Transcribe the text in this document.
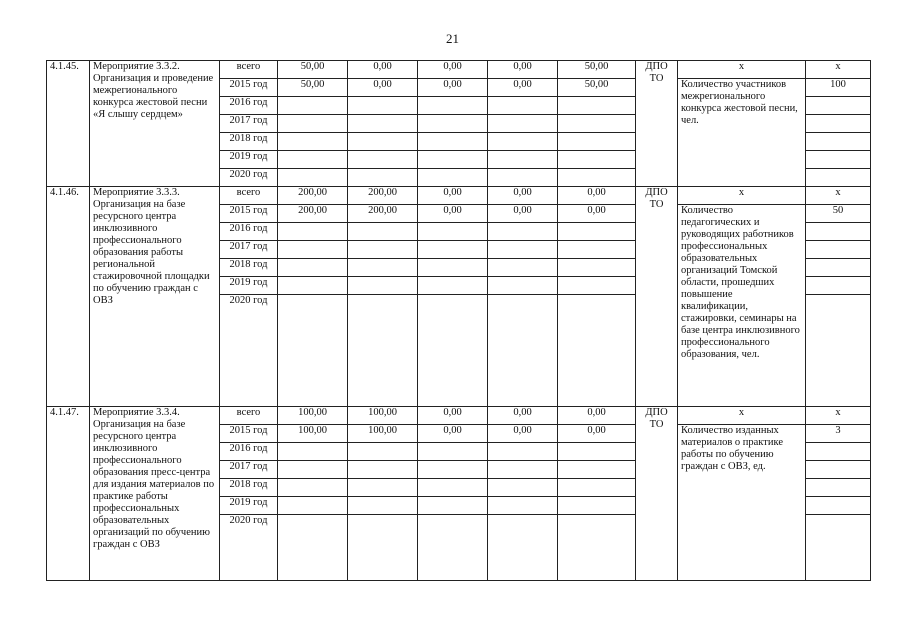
21
4.1.45.	Мероприятие 3.3.2. Организация и проведение межрегионального конкурса жестовой песни «Я слышу сердцем»	всего	50,00	0,00	0,00	0,00	50,00	ДПО ТО	х	х
		2015 год	50,00	0,00	0,00	0,00	50,00		Количество участников межрегионального конкурса жестовой песни, чел.	100
		2016 год								
		2017 год								
		2018 год								
		2019 год								
		2020 год								
4.1.46.	Мероприятие 3.3.3. Организация на базе ресурсного центра инклюзивного профессионального образования работы региональной стажировочной площадки по обучению граждан с ОВЗ	всего	200,00	200,00	0,00	0,00	0,00	ДПО ТО	х	х
		2015 год	200,00	200,00	0,00	0,00	0,00		Количество педагогических и руководящих работников профессиональных образовательных организаций Томской области, прошедших повышение квалификации, стажировки, семинары на базе центра инклюзивного профессионального образования, чел.	50
		2016 год								
		2017 год								
		2018 год								
		2019 год								
		2020 год								
4.1.47.	Мероприятие 3.3.4. Организация на базе ресурсного центра инклюзивного профессионального образования пресс-центра для издания материалов по практике работы профессиональных образовательных организаций по обучению граждан с ОВЗ	всего	100,00	100,00	0,00	0,00	0,00	ДПО ТО	х	х
		2015 год	100,00	100,00	0,00	0,00	0,00		Количество изданных материалов о практике работы по обучению граждан с ОВЗ, ед.	3
		2016 год								
		2017 год								
		2018 год								
		2019 год								
		2020 год								
